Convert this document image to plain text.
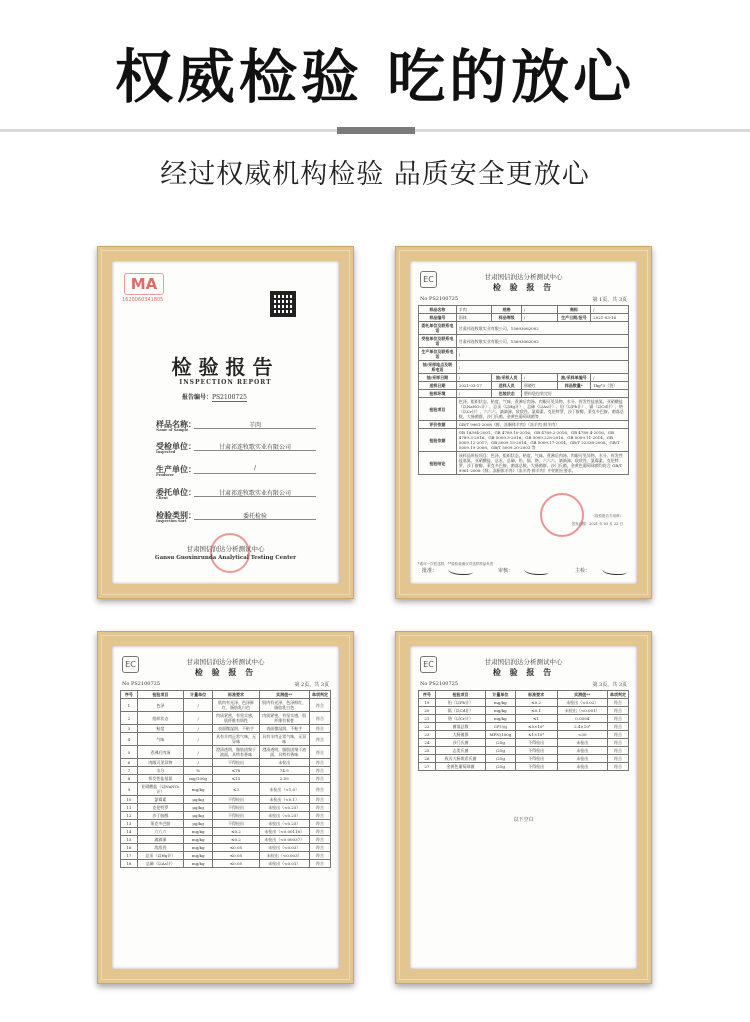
权威检验 吃的放心
经过权威机构检验 品质安全更放心
MA
1620060341805
检验报告
INSPECTION REPORT
报告编号：PS2100725
样品名称：
Name of Sample
羊肉
受检单位：
Inspected
甘肃祁连牧歌实业有限公司
生产单位：
Producer
/
委托单位：
Client
甘肃祁连牧歌实业有限公司
检验类别：
Inspection Sort
委托检验
甘肃国信润达分析测试中心
Gansu Guoxinrunda Analytical Testing Center
EC	甘肃国信润达分析测试中心
检 验 报 告
No PS2100725	第 1页，共 3页
样品名称	羊肉	规格	/	商标	/
样品编号	固体	样品等级	/	生产日期/批号	2021-03-16
委托单位及联系电话	甘肃祁连牧歌实业有限公司，15693062002				
受检单位及联系电话	甘肃祁连牧歌实业有限公司，15693062002				
生产单位及联系电话	/				
抽/采样地点及联系电话	/				
抽/采样日期	/	抽/采样人员	/	抽/采样单编号	/
送样日期	2021-03-17	送样人员	邢晓红	样品数量*	1kg*3（袋）
检样环境	/	包装状态	塑料袋包装完好		
检验项目	色泽、组织状态、粘度、气味、煮沸后肉汤、肉眼可见异物、水分、挥发性盐基氮、亚硝酸盐（以NaNO₂计）、总汞（以Hg计）、总砷（以As计）、铅（以Pb计）、镉（以Cd计）、铬（以Cr计）、六六六、滴滴涕、敌敌畏、氯霉素、克伦特罗、沙丁胺醇、莱克多巴胺、菌落总数、大肠菌群、沙门氏菌、金黄色葡萄球菌等				
评价依据	GB/T 9961-2008《鲜、冻胴体羊肉》（冻羊肉 鲜羊肉）				
检验依据	GB 18394-2001、GB 4789.10-2016、GB 4789.2-2016、GB 4789.4-2016、GB 4789.3-2016、GB 5009.3-2016、GB 5009.228-2016、GB 5009.11-2014、GB 5009.12-2017、GB 5009.15-2014、GB 5009.17-2014、GB/T 22338-2008、GB/T 5009.19-2008、GB/T 5009.20-2003 等				
检验结论	该样品所检项目：色泽、组织状态、粘度、气味、煮沸后肉汤、肉眼可见异物、水分、挥发性盐基氮、亚硝酸盐、总汞、总砷、铅、镉、铬、六六六、滴滴涕、敌敌畏、氯霉素、克伦特罗、沙丁胺醇、莱克多巴胺、菌落总数、大肠菌群、沙门氏菌、金黄色葡萄球菌均符合 GB/T 9961-2008《鲜、冻胴体羊肉》（冻羊肉 鲜羊肉）中的相应要求。				
（检验报告专用章）
签发日期：2021 年 03 月 23 日
*系可一次性送样，**检验检测仅对送样样品负责
批准：	审核：	主检：
EC	甘肃国信润达分析测试中心
检 验 报 告
No PS2100725	第 2页，共 3页
序号	检验项目	计量单位	标准要求	实测值**	单项判定
1	色泽	/	肌肉有光泽，色泽鲜红，脂肪乳白色	肌肉有光泽，色泽鲜红，脂肪乳白色	符合
2	组织状态	/	肉质紧密，有坚实感，肌纤维有韧性	肉质紧密，有坚实感，肌纤维有韧性	符合
3	粘度	/	表面微湿润，不粘手	表面微湿润，不粘手	符合
4	气味	/	具有羊肉正常气味，无异味	具有羊肉正常气味，无异味	符合
5	煮沸后肉汤	/	澄清透明，脂肪团聚于液面，具特有香味	澄清透明，脂肪团聚于液面，具特有香味	符合
6	肉眼可见异物	/	不得检出	未检出	符合
7	水分	%	≤78	74.9	符合
8	挥发性盐基氮	mg/100g	≤15	2.59	符合
9	亚硝酸盐（以NaNO₂计）	mg/kg	≤3	未检出（<1.0）	符合
10	氯霉素	μg/kg	不得检出	未检出（<0.1）	符合
11	克伦特罗	μg/kg	不得检出	未检出（<0.25）	符合
12	沙丁胺醇	μg/kg	不得检出	未检出（<0.25）	符合
13	莱克多巴胺	μg/kg	不得检出	未检出（<0.25）	符合
14	六六六	mg/kg	≤0.2	未检出（<0.00118）	符合
15	滴滴涕	mg/kg	≤0.2	未检出（<0.00037）	符合
16	敌敌畏	mg/kg	≤0.05	未检出（<0.03）	符合
17	总汞（以Hg计）	mg/kg	≤0.05	未检出（<0.003）	符合
18	总砷（以As计）	mg/kg	≤0.05	未检出（<0.01）	符合
EC	甘肃国信润达分析测试中心
检 验 报 告
No PS2100725	第 3页，共 3页
序号	检验项目	计量单位	标准要求	实测值**	单项判定
19	铅（以Pb计）	mg/kg	≤0.2	未检出（<0.02）	符合
20	镉（以Cd计）	mg/kg	≤0.1	未检出（<0.001）	符合
21	铬（以Cr计）	mg/kg	≤1	0.0594	符合
22	菌落总数	CFU/g	≤5×10⁵	2.4×10³	符合
23	大肠菌群	MPN/100g	≤1×10⁴	<30	符合
24	沙门氏菌	/25g	不得检出	未检出	符合
25	志贺氏菌	/25g	不得检出	未检出	符合
26	致泻大肠埃希氏菌	/25g	不得检出	未检出	符合
27	金黄色葡萄球菌	/25g	不得检出	未检出	符合
以下空白
